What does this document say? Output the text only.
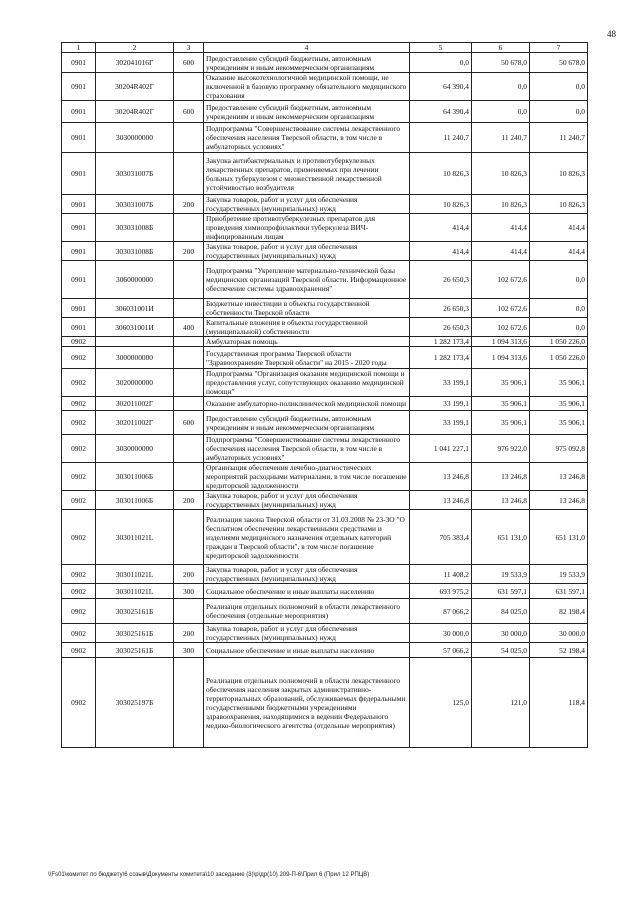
48
1	2	3	4	5	6	7
0901	302041016Г	600	Предоставление субсидий бюджетным, автономным учреждениям и иным некоммерческим организациям	0,0	50 678,0	50 678,0
0901	30204R402Г		Оказание высокотехнологичной медицинской помощи, не включенной в базовую программу обязательного медицинского страхования	64 390,4	0,0	0,0
0901	30204R402Г	600	Предоставление субсидий бюджетным, автономным учреждениям и иным некоммерческим организациям	64 390,4	0,0	0,0
0901	3030000000		Подпрограмма "Совершенствование системы лекарственного обеспечения населения Тверской области, в том числе в амбулаторных условиях"	11 240,7	11 240,7	11 240,7
0901	303031007Б		Закупка антибактериальных и противотуберкулезных лекарственных препаратов, применяемых при лечении больных туберкулезом с множественной лекарственной устойчивостью возбудителя	10 826,3	10 826,3	10 826,3
0901	303031007Б	200	Закупка товаров, работ и услуг для обеспечения государственных (муниципальных) нужд	10 826,3	10 826,3	10 826,3
0901	303031008Б		Приобретение противотуберкулезных препаратов для проведения химиопрофилактики туберкулеза ВИЧ-инфицированным лицам	414,4	414,4	414,4
0901	303031008Б	200	Закупка товаров, работ и услуг для обеспечения государственных (муниципальных) нужд	414,4	414,4	414,4
0901	3060000000		Подпрограмма "Укрепление материально-технической базы медицинских организаций Тверской области. Информационное обеспечение системы здравоохранения"	26 650,3	102 672,6	0,0
0901	306031001И		Бюджетные инвестиции в объекты государственной собственности Тверской области	26 650,3	102 672,6	0,0
0901	306031001И	400	Капитальные вложения в объекты государственной (муниципальной) собственности	26 650,3	102 672,6	0,0
0902			Амбулаторная помощь	1 282 173,4	1 094 313,6	1 050 226,0
0902	3000000000		Государственная программа Тверской области "Здравоохранение Тверской области" на 2015 - 2020 годы	1 282 173,4	1 094 313,6	1 050 226,0
0902	3020000000		Подпрограмма "Организация оказания медицинской помощи и предоставления услуг, сопутствующих оказанию медицинской помощи"	33 199,1	35 906,1	35 906,1
0902	302011002Г		Оказание амбулаторно-поликлинической медицинской помощи	33 199,1	35 906,1	35 906,1
0902	302011002Г	600	Предоставление субсидий бюджетным, автономным учреждениям и иным некоммерческим организациям	33 199,1	35 906,1	35 906,1
0902	3030000000		Подпрограмма "Совершенствование системы лекарственного обеспечения населения Тверской области, в том числе в амбулаторных условиях"	1 041 227,1	976 922,0	975 092,8
0902	303011006Б		Организация обеспечения лечебно-диагностических мероприятий расходными материалами, в том числе погашение кредиторской задолженности	13 246,8	13 246,8	13 246,8
0902	303011006Б	200	Закупка товаров, работ и услуг для обеспечения государственных (муниципальных) нужд	13 246,8	13 246,8	13 246,8
0902	303011021L		Реализация закона Тверской области от 31.03.2008 № 23-ЗО "О бесплатном обеспечении лекарственными средствами и изделиями медицинского назначения отдельных категорий граждан в Тверской области", в том числе погашение кредиторской задолженности	705 383,4	651 131,0	651 131,0
0902	303011021L	200	Закупка товаров, работ и услуг для обеспечения государственных (муниципальных) нужд	11 408,2	19 533,9	19 533,9
0902	303011021L	300	Социальное обеспечение и иные выплаты населению	693 975,2	631 597,1	631 597,1
0902	303025161Б		Реализация отдельных полномочий в области лекарственного обеспечения (отдельные мероприятия)	87 066,2	84 025,0	82 198,4
0902	303025161Б	200	Закупка товаров, работ и услуг для обеспечения государственных (муниципальных) нужд	30 000,0	30 000,0	30 000,0
0902	303025161Б	300	Социальное обеспечение и иные выплаты населению	57 066,2	54 025,0	52 198,4
0902	303025197Б		Реализация отдельных полномочий в области лекарственного обеспечения населения закрытых административно-территориальных образований, обслуживаемых федеральными государственными бюджетными учреждениями здравоохранения, находящимися в ведении Федерального медико-биологического агентства (отдельные мероприятия)	125,0	121,0	118,4
\\Fs01\комитет по бюджету\6 созыв\Документы комитета\10 заседание (3)\р\др(10) 209-П-6\Прил 6 (Прил 12 РПЦВ)
